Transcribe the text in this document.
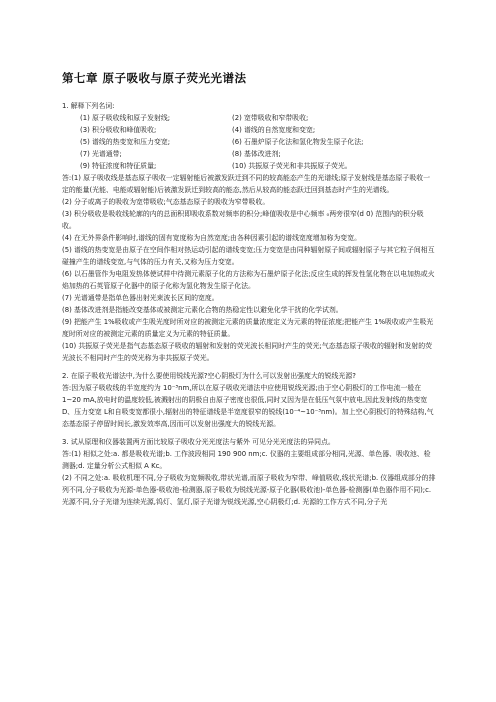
第七章 原子吸收与原子荧光光谱法

1. 解释下列名词:

(1) 原子吸收线和原子发射线;	(2) 宽带吸收和窄带吸收;

(3) 积分吸收和峰值吸收;	(4) 谱线的自然宽度和变宽;

(5) 谱线的热变宽和压力变宽;	(6) 石墨炉原子化法和氢化物发生原子化法;

(7) 光谱通带;	(8) 基体改进剂;

(9) 特征浓度和特征质量;	(10) 共振原子荧光和非共振原子荧光。

答:(1) 原子吸收线是基态原子吸收一定辐射能后被激发跃迁到不同的较高能态产生的光谱线;原子发射线是基态原子吸收一定的能量(光能、电能或辐射能)后被激发跃迁到较高的能态,然后从较高的能态跃迁回到基态时产生的光谱线。

(2) 分子或离子的吸收为宽带吸收;气态基态原子的吸收为窄带吸收。

(3) 积分吸收是吸收线轮廓的内的总面积即吸收系数对频率的积分;峰值吸收是中心频率 ₀两旁很窄(d 0) 范围内的积分吸收。

(4) 在无外界条件影响时,谱线的固有宽度称为自然宽度;由各种因素引起的谱线宽度增加称为变宽。

(5) 谱线的热变宽是由原子在空间作相对热运动引起的谱线变宽;压力变宽是由同种辐射原子间或辐射原子与其它粒子间相互碰撞产生的谱线变宽,与气体的压力有关,又称为压力变宽。

(6) 以石墨管作为电阻发热体使试样中待测元素原子化的方法称为石墨炉原子化法;反应生成的挥发性氢化物在以电加热或火焰加热的石英管原子化器中的原子化称为氢化物发生原子化法。

(7) 光谱通带是指单色器出射光束波长区间的宽度。

(8) 基体改进剂是指能改变基体或被测定元素化合物的热稳定性以避免化学干扰的化学试剂。

(9) 把能产生 1%吸收或产生吸光度时所对应的被测定元素的质量浓度定义为元素的特征浓度;把能产生 1%吸收或产生吸光度时所对应的被测定元素的质量定义为元素的特征质量。

(10) 共振原子荧光是指气态基态原子吸收的辐射和发射的荧光波长相同时产生的荧光;气态基态原子吸收的辐射和发射的荧光波长不相同时产生的荧光称为非共振原子荧光。

2. 在原子吸收光谱法中,为什么要使用锐线光源?空心阴极灯为什么可以发射出强度大的锐线光源?

答:因为原子吸收线的半宽度约为 10⁻³nm,所以在原子吸收光谱法中应使用锐线光源;由于空心阴极灯的工作电流一般在 1~20 mA,放电时的温度较低,被溅射出的阴极自由原子密度也很低,同时又因为是在低压气氛中放电,因此发射线的热变宽 D、压力变宽 L和自吸变宽都很小,辐射出的特征谱线是半宽度很窄的锐线(10⁻⁴~10⁻³nm)。加上空心阴极灯的特殊结构,气态基态原子停留时间长,激发效率高,因而可以发射出强度大的锐线光源。

3. 试从原理和仪器装置两方面比较原子吸收分光光度法与紫外 可见分光光度法的异同点。

答:(1) 相似之处:a. 都是吸收光谱;b. 工作波段相同 190 900 nm;c. 仪器的主要组成部分相同,光源、单色器、吸收池、检测器;d. 定量分析公式相似 A Kc。

(2) 不同之处:a. 吸收机理不同,分子吸收为宽频吸收,带状光谱,而原子吸收为窄带、峰值吸收,线状光谱;b. 仪器组成部分的排列不同,分子吸收为光源-单色器-吸收池-检测器,原子吸收为锐线光源-原子化器(吸收池)-单色器-检测器(单色器作用不同);c. 光源不同,分子光谱为连续光源,钨灯、氢灯,原子光谱为锐线光源,空心阴极灯;d. 光源的工作方式不同,分子光
